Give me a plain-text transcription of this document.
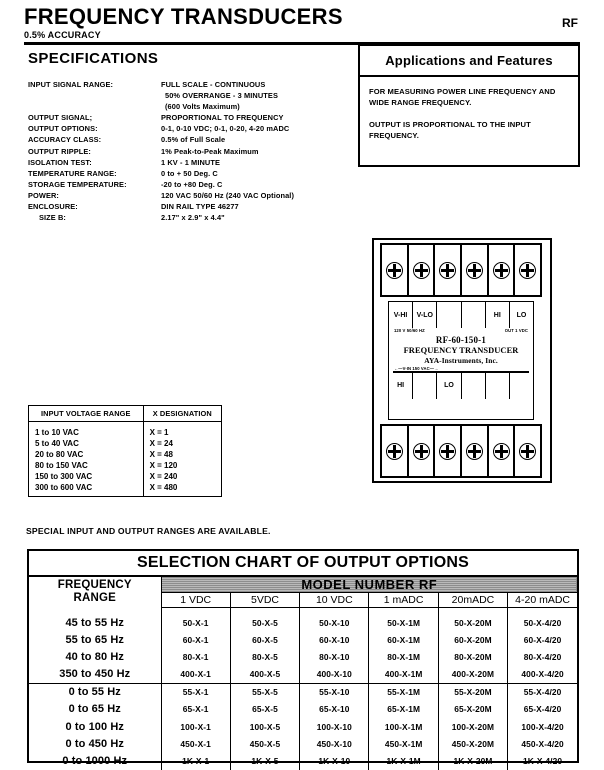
FREQUENCY TRANSDUCERS
0.5% ACCURACY
RF
SPECIFICATIONS
INPUT SIGNAL RANGE:	FULL SCALE - CONTINUOUS
	50% OVERRANGE - 3 MINUTES
	(600 Volts Maximum)
OUTPUT SIGNAL;	PROPORTIONAL TO FREQUENCY
OUTPUT OPTIONS:	0-1, 0-10 VDC; 0-1, 0-20, 4-20 mADC
ACCURACY CLASS:	0.5% of Full Scale
OUTPUT RIPPLE:	1% Peak-to-Peak Maximum
ISOLATION TEST:	1 KV - 1 MINUTE
TEMPERATURE RANGE:	0 to + 50 Deg. C
STORAGE TEMPERATURE:	-20 to +80 Deg. C
POWER:	120 VAC 50/60 Hz (240 VAC Optional)
ENCLOSURE:	DIN RAIL TYPE 46277
SIZE B:	2.17" x 2.9" x 4.4"
Applications and Features

FOR MEASURING POWER LINE FREQUENCY AND WIDE RANGE FREQUENCY.

OUTPUT IS PROPORTIONAL TO THE INPUT FREQUENCY.

V-HI	V-LO	HI	LO
120 V 50/60 HZ	OUT 1 VDC
RF-60-150-1
FREQUENCY TRANSDUCER
AYA-Instruments, Inc.
←—V-IN 150 VAC—→
HI	LO
INPUT VOLTAGE RANGE	X DESIGNATION

1 to 10 VAC	X = 1
5 to 40 VAC	X = 24
20 to 80 VAC	X = 48
80 to 150 VAC	X = 120
150 to 300 VAC	X = 240
300 to 600 VAC	X = 480
SPECIAL INPUT AND OUTPUT RANGES ARE AVAILABLE.
SELECTION CHART OF OUTPUT OPTIONS
FREQUENCY
RANGE	MODEL NUMBER RF					
	1 VDC	5VDC	10 VDC	1 mADC	20mADC	4-20 mADC
45 to 55 Hz	50-X-1	50-X-5	50-X-10	50-X-1M	50-X-20M	50-X-4/20
55 to 65 Hz	60-X-1	60-X-5	60-X-10	60-X-1M	60-X-20M	60-X-4/20
40 to 80 Hz	80-X-1	80-X-5	80-X-10	80-X-1M	80-X-20M	80-X-4/20
350 to 450 Hz	400-X-1	400-X-5	400-X-10	400-X-1M	400-X-20M	400-X-4/20
0 to 55 Hz	55-X-1	55-X-5	55-X-10	55-X-1M	55-X-20M	55-X-4/20
0 to 65 Hz	65-X-1	65-X-5	65-X-10	65-X-1M	65-X-20M	65-X-4/20
0 to 100 Hz	100-X-1	100-X-5	100-X-10	100-X-1M	100-X-20M	100-X-4/20
0 to 450 Hz	450-X-1	450-X-5	450-X-10	450-X-1M	450-X-20M	450-X-4/20
0 to 1000 Hz	1K-X-1	1K-X-5	1K-X-10	1K-X-1M	1K-X-20M	1K-X-4/20
